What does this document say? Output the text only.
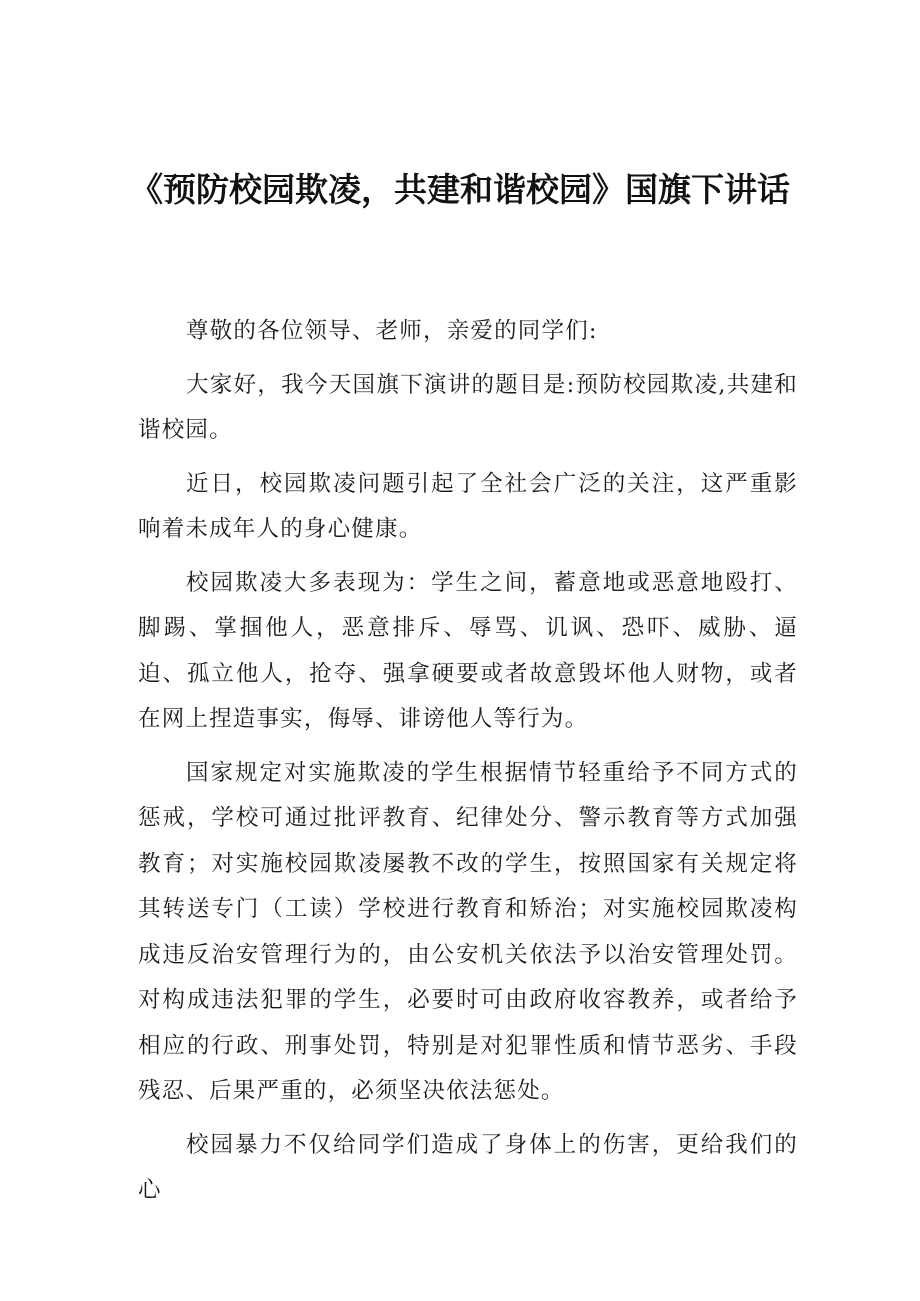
《预防校园欺凌，共建和谐校园》国旗下讲话

尊敬的各位领导、老师，亲爱的同学们:

大家好，我今天国旗下演讲的题目是:预防校园欺凌,共建和谐校园。

近日，校园欺凌问题引起了全社会广泛的关注，这严重影响着未成年人的身心健康。

校园欺凌大多表现为：学生之间，蓄意地或恶意地殴打、脚踢、掌掴他人，恶意排斥、辱骂、讥讽、恐吓、威胁、逼迫、孤立他人，抢夺、强拿硬要或者故意毁坏他人财物，或者在网上捏造事实，侮辱、诽谤他人等行为。

国家规定对实施欺凌的学生根据情节轻重给予不同方式的惩戒，学校可通过批评教育、纪律处分、警示教育等方式加强教育；对实施校园欺凌屡教不改的学生，按照国家有关规定将其转送专门（工读）学校进行教育和矫治；对实施校园欺凌构成违反治安管理行为的，由公安机关依法予以治安管理处罚。对构成违法犯罪的学生，必要时可由政府收容教养，或者给予相应的行政、刑事处罚，特别是对犯罪性质和情节恶劣、手段残忍、后果严重的，必须坚决依法惩处。

校园暴力不仅给同学们造成了身体上的伤害，更给我们的心
